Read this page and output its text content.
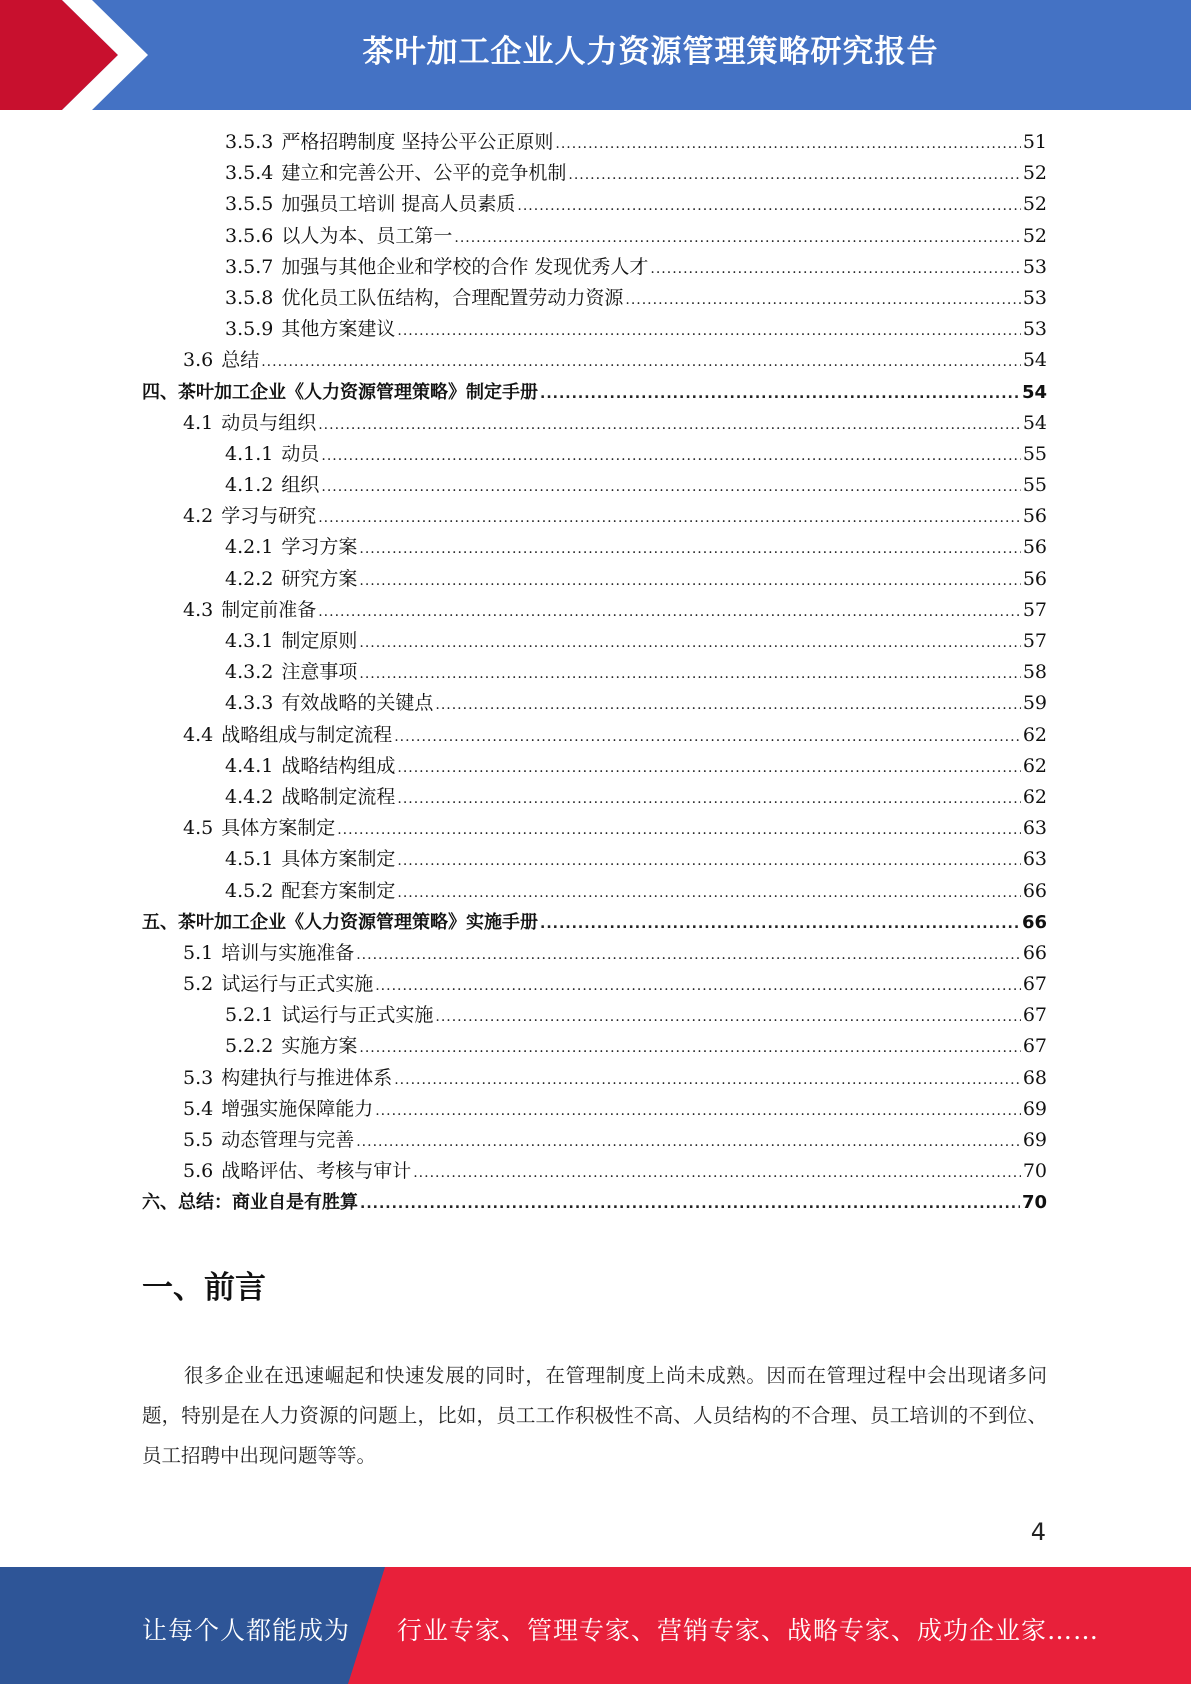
茶叶加工企业人力资源管理策略研究报告
3.5.3 严格招聘制度 坚持公平公正原则 .....	51
3.5.4 建立和完善公开、公平的竞争机制 .....	52
3.5.5 加强员工培训 提高人员素质 .....	52
3.5.6 以人为本、员工第一 .....	52
3.5.7 加强与其他企业和学校的合作 发现优秀人才 .....	53
3.5.8 优化员工队伍结构，合理配置劳动力资源 .....	53
3.5.9 其他方案建议 .....	53
3.6 总结 .....	54
四、茶叶加工企业《人力资源管理策略》制定手册 .....	54
4.1 动员与组织 .....	54
4.1.1 动员 .....	55
4.1.2 组织 .....	55
4.2 学习与研究 .....	56
4.2.1 学习方案 .....	56
4.2.2 研究方案 .....	56
4.3 制定前准备 .....	57
4.3.1 制定原则 .....	57
4.3.2 注意事项 .....	58
4.3.3 有效战略的关键点 .....	59
4.4 战略组成与制定流程 .....	62
4.4.1 战略结构组成 .....	62
4.4.2 战略制定流程 .....	62
4.5 具体方案制定 .....	63
4.5.1 具体方案制定 .....	63
4.5.2 配套方案制定 .....	66
五、茶叶加工企业《人力资源管理策略》实施手册 .....	66
5.1 培训与实施准备 .....	66
5.2 试运行与正式实施 .....	67
5.2.1 试运行与正式实施 .....	67
5.2.2 实施方案 .....	67
5.3 构建执行与推进体系 .....	68
5.4 增强实施保障能力 .....	69
5.5 动态管理与完善 .....	69
5.6 战略评估、考核与审计 .....	70
六、总结：商业自是有胜算 .....	70
一、前言
很多企业在迅速崛起和快速发展的同时，在管理制度上尚未成熟。因而在管理过程中会出现诸多问题，特别是在人力资源的问题上，比如，员工工作积极性不高、人员结构的不合理、员工培训的不到位、员工招聘中出现问题等等。
4
让每个人都能成为 行业专家、管理专家、营销专家、战略专家、成功企业家……
